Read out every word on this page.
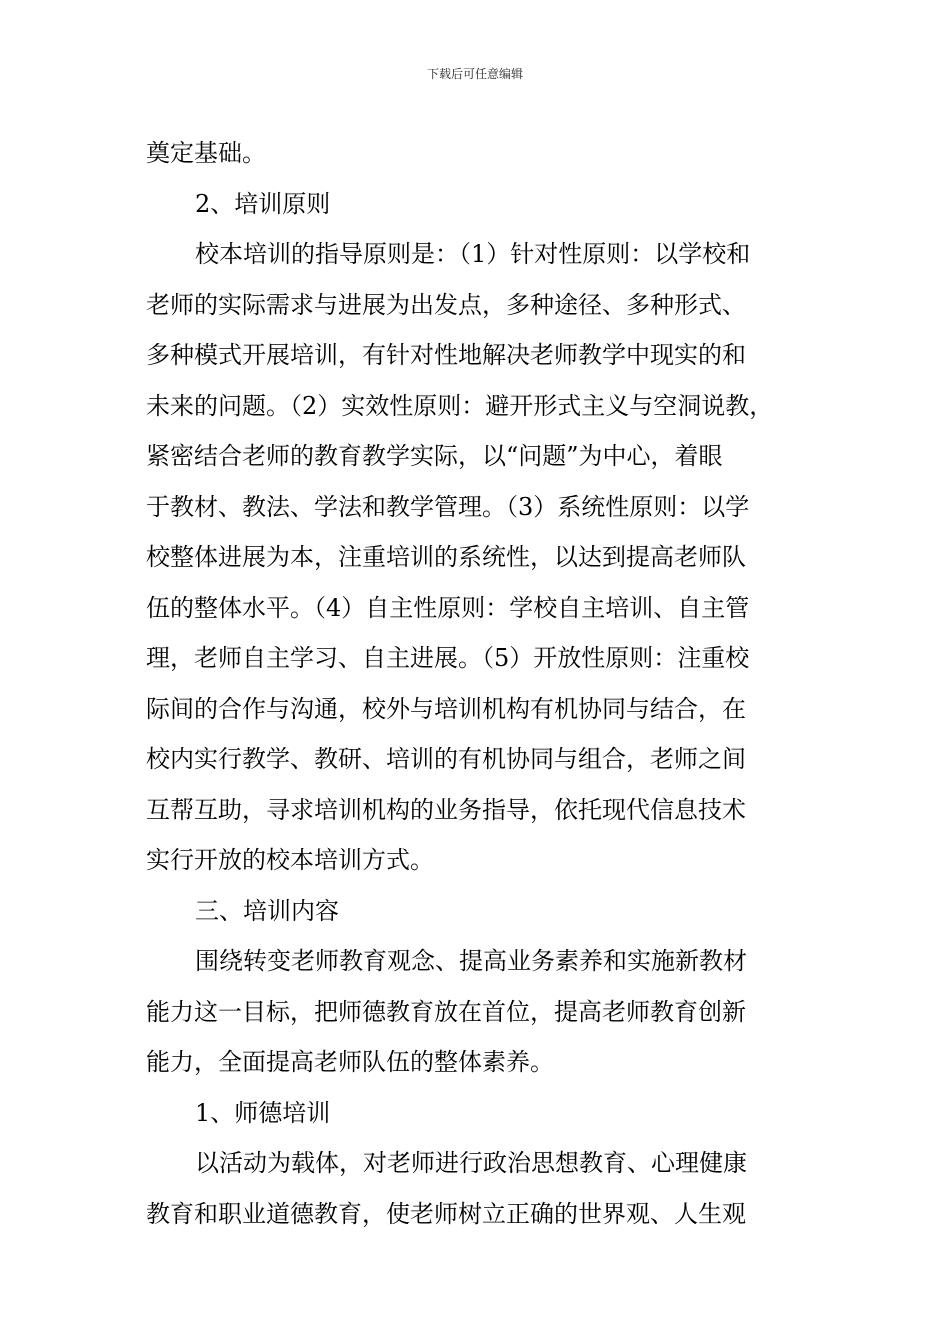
下载后可任意编辑
奠定基础。
2、培训原则
校本培训的指导原则是：（1）针对性原则：以学校和
老师的实际需求与进展为出发点，多种途径、多种形式、
多种模式开展培训，有针对性地解决老师教学中现实的和
未来的问题。（2）实效性原则：避开形式主义与空洞说教，
紧密结合老师的教育教学实际，以“问题”为中心，着眼
于教材、教法、学法和教学管理。（3）系统性原则：以学
校整体进展为本，注重培训的系统性，以达到提高老师队
伍的整体水平。（4）自主性原则：学校自主培训、自主管
理，老师自主学习、自主进展。（5）开放性原则：注重校
际间的合作与沟通，校外与培训机构有机协同与结合，在
校内实行教学、教研、培训的有机协同与组合，老师之间
互帮互助，寻求培训机构的业务指导，依托现代信息技术
实行开放的校本培训方式。
三、培训内容
围绕转变老师教育观念、提高业务素养和实施新教材
能力这一目标，把师德教育放在首位，提高老师教育创新
能力，全面提高老师队伍的整体素养。
1、师德培训
以活动为载体，对老师进行政治思想教育、心理健康
教育和职业道德教育，使老师树立正确的世界观、人生观
